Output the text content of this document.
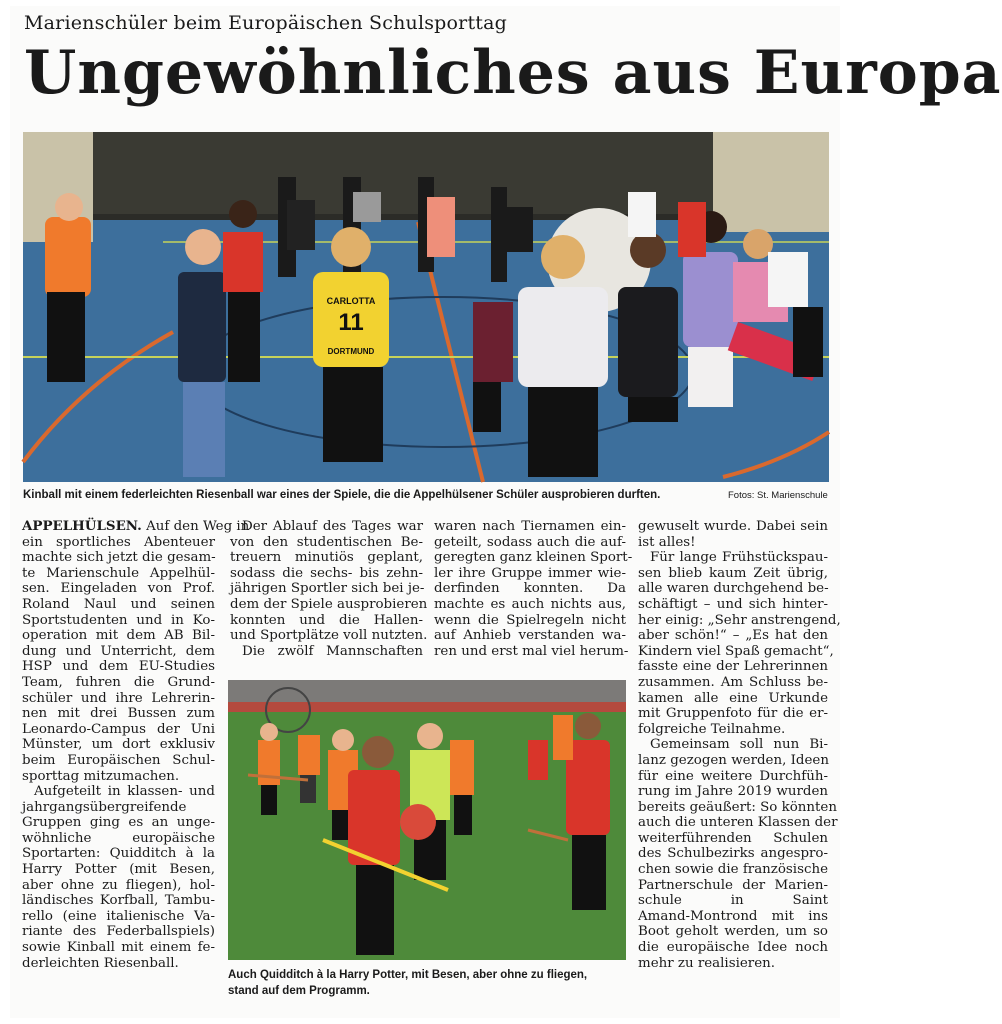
Marienschüler beim Europäischen Schulsporttag
Ungewöhnliches aus Europa
CARLOTTA
11
DORTMUND
Kinball mit einem federleichten Riesenball war eines der Spiele, die die Appelhülsener Schüler ausprobieren durften.	Fotos: St. Marienschule
APPELHÜLSEN. Auf den Weg in
ein sportliches Abenteuer
machte sich jetzt die gesam-
te Marienschule Appelhül-
sen. Eingeladen von Prof.
Roland Naul und seinen
Sportstudenten und in Ko-
operation mit dem AB Bil-
dung und Unterricht, dem
HSP und dem EU-Studies
Team, fuhren die Grund-
schüler und ihre Lehrerin-
nen mit drei Bussen zum
Leonardo-Campus der Uni
Münster, um dort exklusiv
beim Europäischen Schul-
sporttag mitzumachen.
Aufgeteilt in klassen- und
jahrgangsübergreifende
Gruppen ging es an unge-
wöhnliche europäische
Sportarten: Quidditch à la
Harry Potter (mit Besen,
aber ohne zu fliegen), hol-
ländisches Korfball, Tambu-
rello (eine italienische Va-
riante des Federballspiels)
sowie Kinball mit einem fe-
derleichten Riesenball.
Der Ablauf des Tages war
von den studentischen Be-
treuern minutiös geplant,
sodass die sechs- bis zehn-
jährigen Sportler sich bei je-
dem der Spiele ausprobieren
konnten und die Hallen-
und Sportplätze voll nutzten.
Die zwölf Mannschaften
waren nach Tiernamen ein-
geteilt, sodass auch die auf-
geregten ganz kleinen Sport-
ler ihre Gruppe immer wie-
derfinden konnten. Da
machte es auch nichts aus,
wenn die Spielregeln nicht
auf Anhieb verstanden wa-
ren und erst mal viel herum-
Auch Quidditch à la Harry Potter, mit Besen, aber ohne zu fliegen,
stand auf dem Programm.
gewuselt wurde. Dabei sein
ist alles!
Für lange Frühstückspau-
sen blieb kaum Zeit übrig,
alle waren durchgehend be-
schäftigt – und sich hinter-
her einig: „Sehr anstrengend,
aber schön!“ – „Es hat den
Kindern viel Spaß gemacht“,
fasste eine der Lehrerinnen
zusammen. Am Schluss be-
kamen alle eine Urkunde
mit Gruppenfoto für die er-
folgreiche Teilnahme.
Gemeinsam soll nun Bi-
lanz gezogen werden, Ideen
für eine weitere Durchfüh-
rung im Jahre 2019 wurden
bereits geäußert: So könnten
auch die unteren Klassen der
weiterführenden Schulen
des Schulbezirks angespro-
chen sowie die französische
Partnerschule der Marien-
schule in Saint
Amand-Montrond mit ins
Boot geholt werden, um so
die europäische Idee noch
mehr zu realisieren.
